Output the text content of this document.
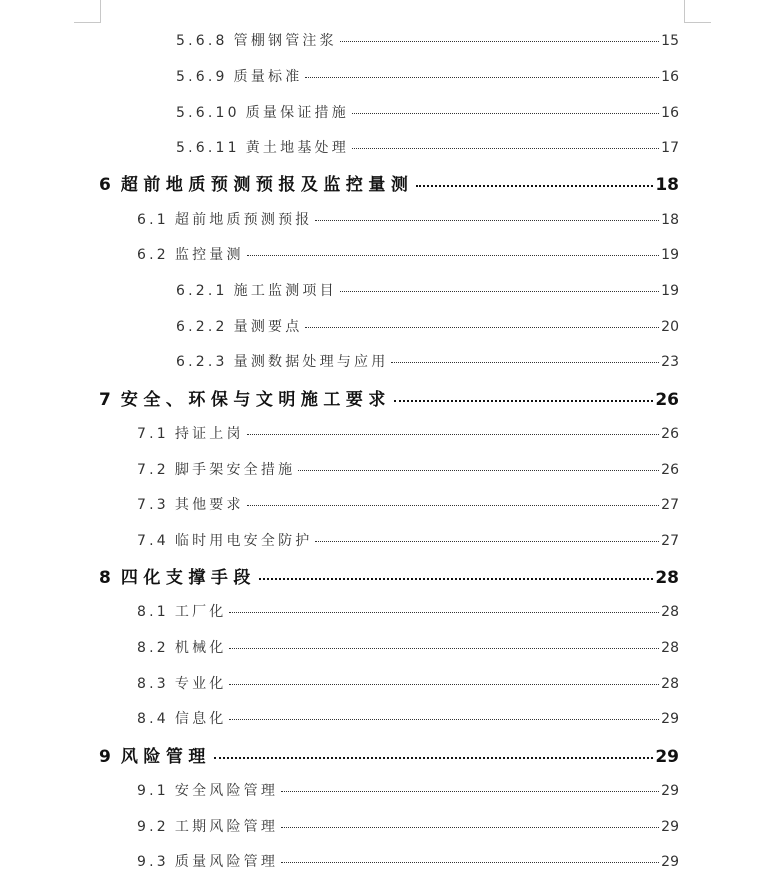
5.6.8 管棚钢管注浆	15
5.6.9 质量标准	16
5.6.10 质量保证措施	16
5.6.11 黄土地基处理	17
6 超前地质预测预报及监控量测	18
6.1 超前地质预测预报	18
6.2 监控量测	19
6.2.1 施工监测项目	19
6.2.2 量测要点	20
6.2.3 量测数据处理与应用	23
7 安全、环保与文明施工要求	26
7.1 持证上岗	26
7.2 脚手架安全措施	26
7.3 其他要求	27
7.4 临时用电安全防护	27
8 四化支撑手段	28
8.1 工厂化	28
8.2 机械化	28
8.3 专业化	28
8.4 信息化	29
9 风险管理	29
9.1 安全风险管理	29
9.2 工期风险管理	29
9.3 质量风险管理	29
